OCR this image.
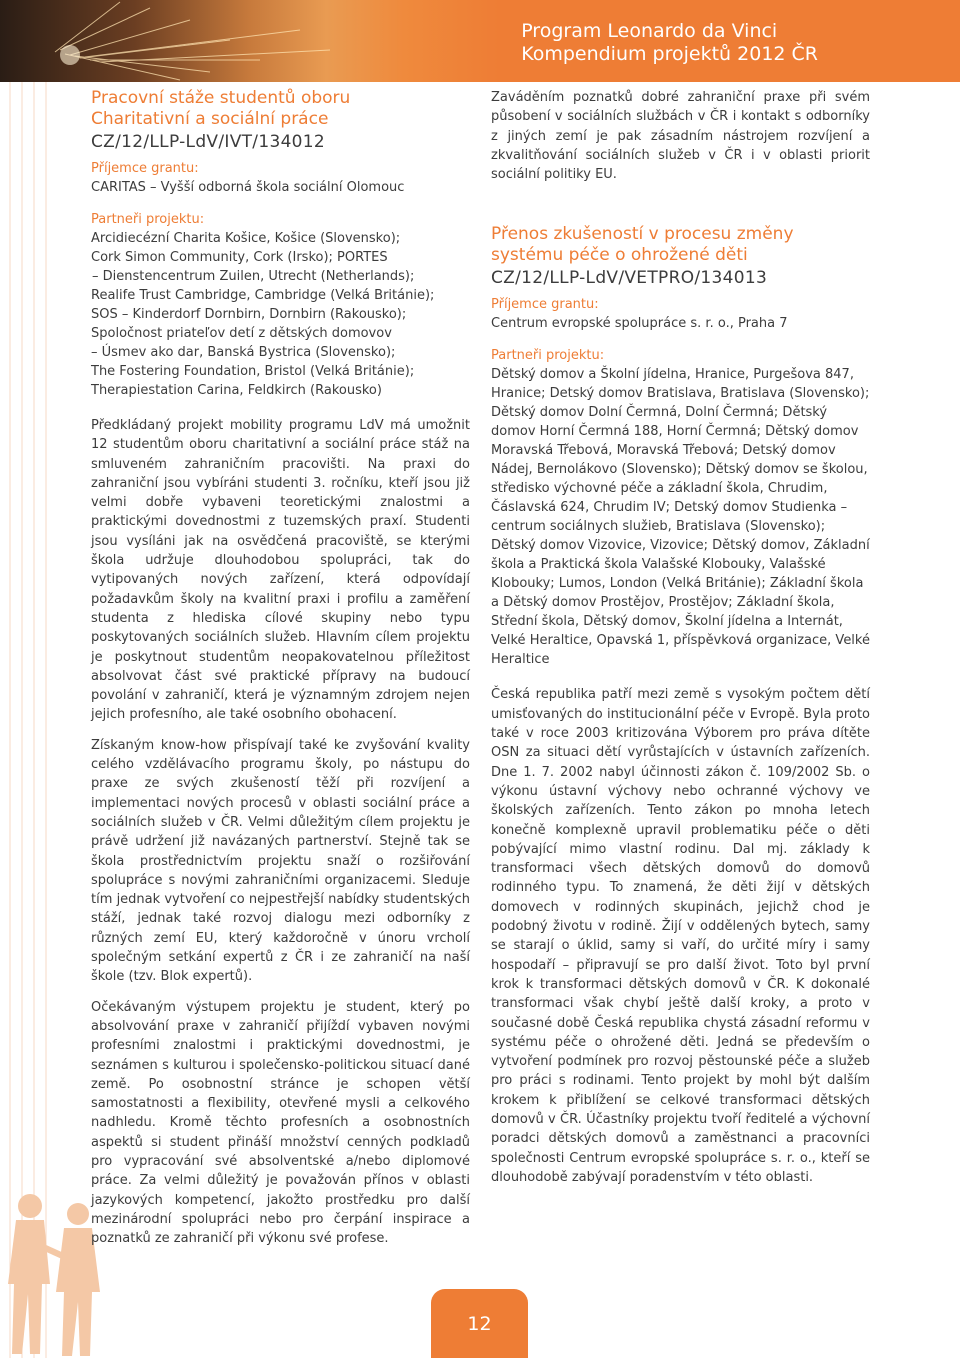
Program Leonardo da Vinci
Kompendium projektů 2012 ČR
Pracovní stáže studentů oboru
Charitativní a sociální práce
CZ/12/LLP-LdV/IVT/134012
Příjemce grantu:
CARITAS – Vyšší odborná škola sociální Olomouc
Partneři projektu:
Arcidiecézní Charita Košice, Košice (Slovensko);
Cork Simon Community, Cork (Irsko); PORTES
– Dienstencentrum Zuilen, Utrecht (Netherlands);
Realife Trust Cambridge, Cambridge (Velká Británie);
SOS – Kinderdorf Dornbirn, Dornbirn (Rakousko);
Spoločnost priateľov detí z dětských domovov
– Úsmev ako dar, Banská Bystrica (Slovensko);
The Fostering Foundation, Bristol (Velká Británie);
Therapiestation Carina, Feldkirch (Rakousko)

Předkládaný projekt mobility programu LdV má umožnit 12 studentům oboru charitativní a sociální práce stáž na smluveném zahraničním pracovišti. Na praxi do zahraniční jsou vybíráni studenti 3. ročníku, kteří jsou již velmi dobře vybaveni teoretickými znalostmi a praktickými dovednostmi z tuzemských praxí. Studenti jsou vysíláni jak na osvědčená pracoviště, se kterými škola udržuje dlouhodobou spolupráci, tak do vytipovaných nových zařízení, která odpovídají požadavkům školy na kvalitní praxi i profilu a zaměření studenta z hlediska cílové skupiny nebo typu poskytovaných sociálních služeb. Hlavním cílem projektu je poskytnout studentům neopakovatelnou příležitost absolvovat část své praktické přípravy na budoucí povolání v zahraničí, která je významným zdrojem nejen jejich profesního, ale také osobního obohacení.

Získaným know-how přispívají také ke zvyšování kvality celého vzdělávacího programu školy, po nástupu do praxe ze svých zkušeností těží při rozvíjení a implementaci nových procesů v oblasti sociální práce a sociálních služeb v ČR. Velmi důležitým cílem projektu je právě udržení již navázaných partnerství. Stejně tak se škola prostřednictvím projektu snaží o rozšiřování spolupráce s novými zahraničními organizacemi. Sleduje tím jednak vytvoření co nejpestřejší nabídky studentských stáží, jednak také rozvoj dialogu mezi odborníky z různých zemí EU, který každoročně v únoru vrcholí společným setkání expertů z ČR i ze zahraničí na naší škole (tzv. Blok expertů).

Očekávaným výstupem projektu je student, který po absolvování praxe v zahraničí přijíždí vybaven novými profesními znalostmi i praktickými dovednostmi, je seznámen s kulturou i společensko-politickou situací dané země. Po osobnostní stránce je schopen větší samostatnosti a flexibility, otevřené mysli a celkového nadhledu. Kromě těchto profesních a osobnostních aspektů si student přináší množství cenných podkladů pro vypracování své absolventské a/nebo diplomové práce. Za velmi důležitý je považován přínos v oblasti jazykových kompetencí, jakožto prostředku pro další mezinárodní spolupráci nebo pro čerpání inspirace a poznatků ze zahraničí při výkonu své profese.

Zaváděním poznatků dobré zahraniční praxe při svém působení v sociálních službách v ČR i kontakt s odborníky z jiných zemí je pak zásadním nástrojem rozvíjení a zkvalitňování sociálních služeb v ČR i v oblasti priorit sociální politiky EU.

Přenos zkušeností v procesu změny
systému péče o ohrožené děti
CZ/12/LLP-LdV/VETPRO/134013
Příjemce grantu:
Centrum evropské spolupráce s. r. o., Praha 7
Partneři projektu:

Dětský domov a Školní jídelna, Hranice, Purgešova 847, Hranice; Detský domov Bratislava, Bratislava (Slovensko); Dětský domov Dolní Čermná, Dolní Čermná; Dětský domov Horní Čermná 188, Horní Čermná; Dětský domov Moravská Třebová, Moravská Třebová; Detský domov Nádej, Bernolákovo (Slovensko); Dětský domov se školou, středisko výchovné péče a základní škola, Chrudim, Čáslavská 624, Chrudim IV; Detský domov Studienka – centrum sociálnych služieb, Bratislava (Slovensko); Dětský domov Vizovice, Vizovice; Dětský domov, Základní škola a Praktická škola Valašské Klobouky, Valašské Klobouky; Lumos, London (Velká Británie); Základní škola a Dětský domov Prostějov, Prostějov; Základní škola, Střední škola, Dětský domov, Školní jídelna a Internát, Velké Heraltice, Opavská 1, příspěvková organizace, Velké Heraltice

Česká republika patří mezi země s vysokým počtem dětí umisťovaných do institucionální péče v Evropě. Byla proto také v roce 2003 kritizována Výborem pro práva dítěte OSN za situaci dětí vyrůstajících v ústavních zařízeních. Dne 1. 7. 2002 nabyl účinnosti zákon č. 109/2002 Sb. o výkonu ústavní výchovy nebo ochranné výchovy ve školských zařízeních. Tento zákon po mnoha letech konečně komplexně upravil problematiku péče o děti pobývající mimo vlastní rodinu. Dal mj. základy k transformaci všech dětských domovů do domovů rodinného typu. To znamená, že děti žijí v dětských domovech v rodinných skupinách, jejichž chod je podobný životu v rodině. Žijí v oddělených bytech, samy se starají o úklid, samy si vaří, do určité míry i samy hospodaří – připravují se pro další život. Toto byl první krok k transformaci dětských domovů v ČR. K dokonalé transformaci však chybí ještě další kroky, a proto v současné době Česká republika chystá zásadní reformu v systému péče o ohrožené děti. Jedná se především o vytvoření podmínek pro rozvoj pěstounské péče a služeb pro práci s rodinami. Tento projekt by mohl být dalším krokem k přiblížení se celkové transformaci dětských domovů v ČR. Účastníky projektu tvoří ředitelé a výchovní poradci dětských domovů a zaměstnanci a pracovníci společnosti Centrum evropské spolupráce s. r. o., kteří se dlouhodobě zabývají poradenstvím v této oblasti.

12
